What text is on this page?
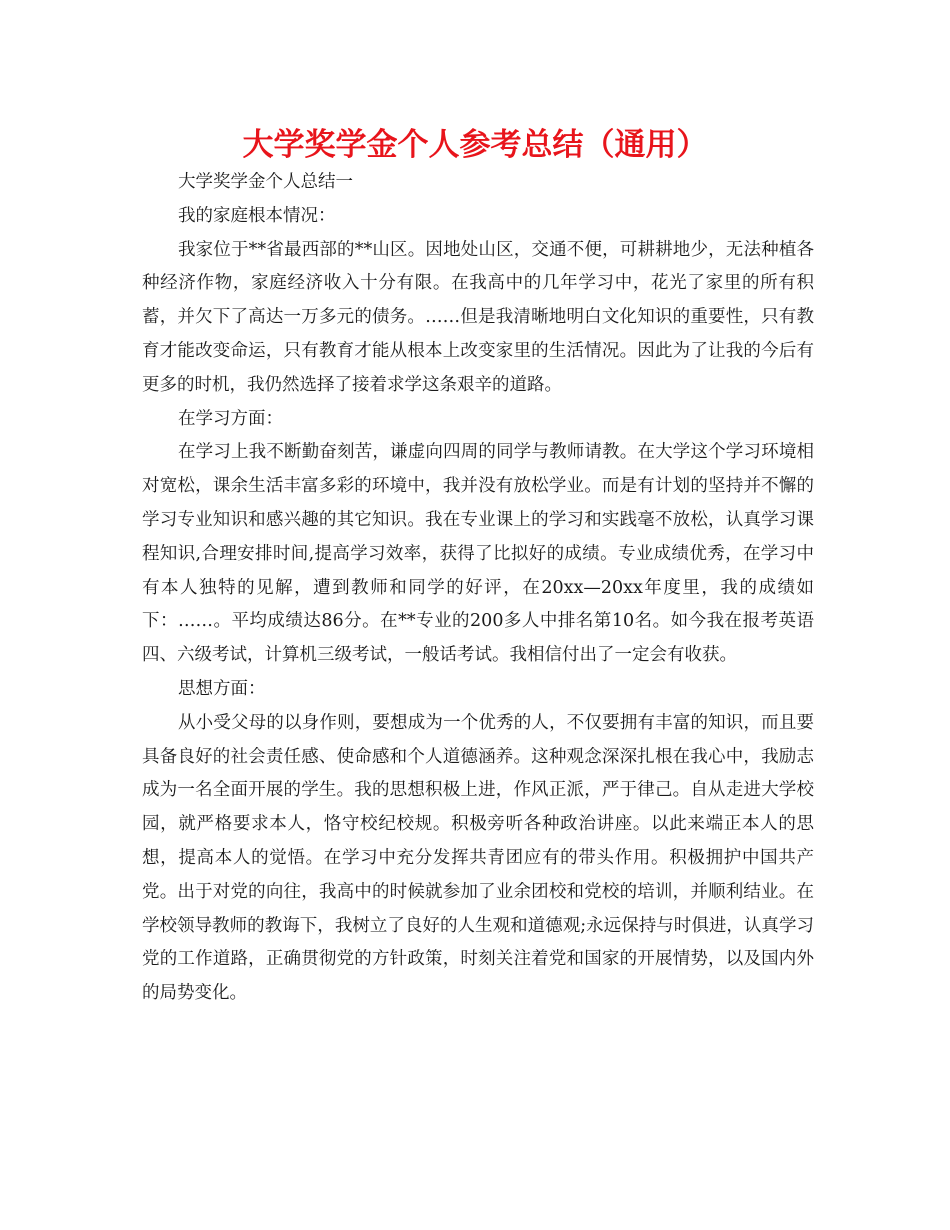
大学奖学金个人参考总结（通用）

大学奖学金个人总结一

我的家庭根本情况：

我家位于**省最西部的**山区。因地处山区，交通不便，可耕耕地少，无法种植各种经济作物，家庭经济收入十分有限。在我高中的几年学习中，花光了家里的所有积蓄，并欠下了高达一万多元的债务。……但是我清晰地明白文化知识的重要性，只有教育才能改变命运，只有教育才能从根本上改变家里的生活情况。因此为了让我的今后有更多的时机，我仍然选择了接着求学这条艰辛的道路。

在学习方面：

在学习上我不断勤奋刻苦，谦虚向四周的同学与教师请教。在大学这个学习环境相对宽松，课余生活丰富多彩的环境中，我并没有放松学业。而是有计划的坚持并不懈的学习专业知识和感兴趣的其它知识。我在专业课上的学习和实践毫不放松，认真学习课程知识,合理安排时间,提高学习效率，获得了比拟好的成绩。专业成绩优秀，在学习中有本人独特的见解，遭到教师和同学的好评，在20xx—20xx年度里，我的成绩如下：……。平均成绩达86分。在**专业的200多人中排名第10名。如今我在报考英语四、六级考试，计算机三级考试，一般话考试。我相信付出了一定会有收获。

思想方面：

从小受父母的以身作则，要想成为一个优秀的人，不仅要拥有丰富的知识，而且要具备良好的社会责任感、使命感和个人道德涵养。这种观念深深扎根在我心中，我励志成为一名全面开展的学生。我的思想积极上进，作风正派，严于律己。自从走进大学校园，就严格要求本人，恪守校纪校规。积极旁听各种政治讲座。以此来端正本人的思想，提高本人的觉悟。在学习中充分发挥共青团应有的带头作用。积极拥护中国共产党。出于对党的向往，我高中的时候就参加了业余团校和党校的培训，并顺利结业。在学校领导教师的教诲下，我树立了良好的人生观和道德观;永远保持与时俱进，认真学习党的工作道路，正确贯彻党的方针政策，时刻关注着党和国家的开展情势，以及国内外的局势变化。
